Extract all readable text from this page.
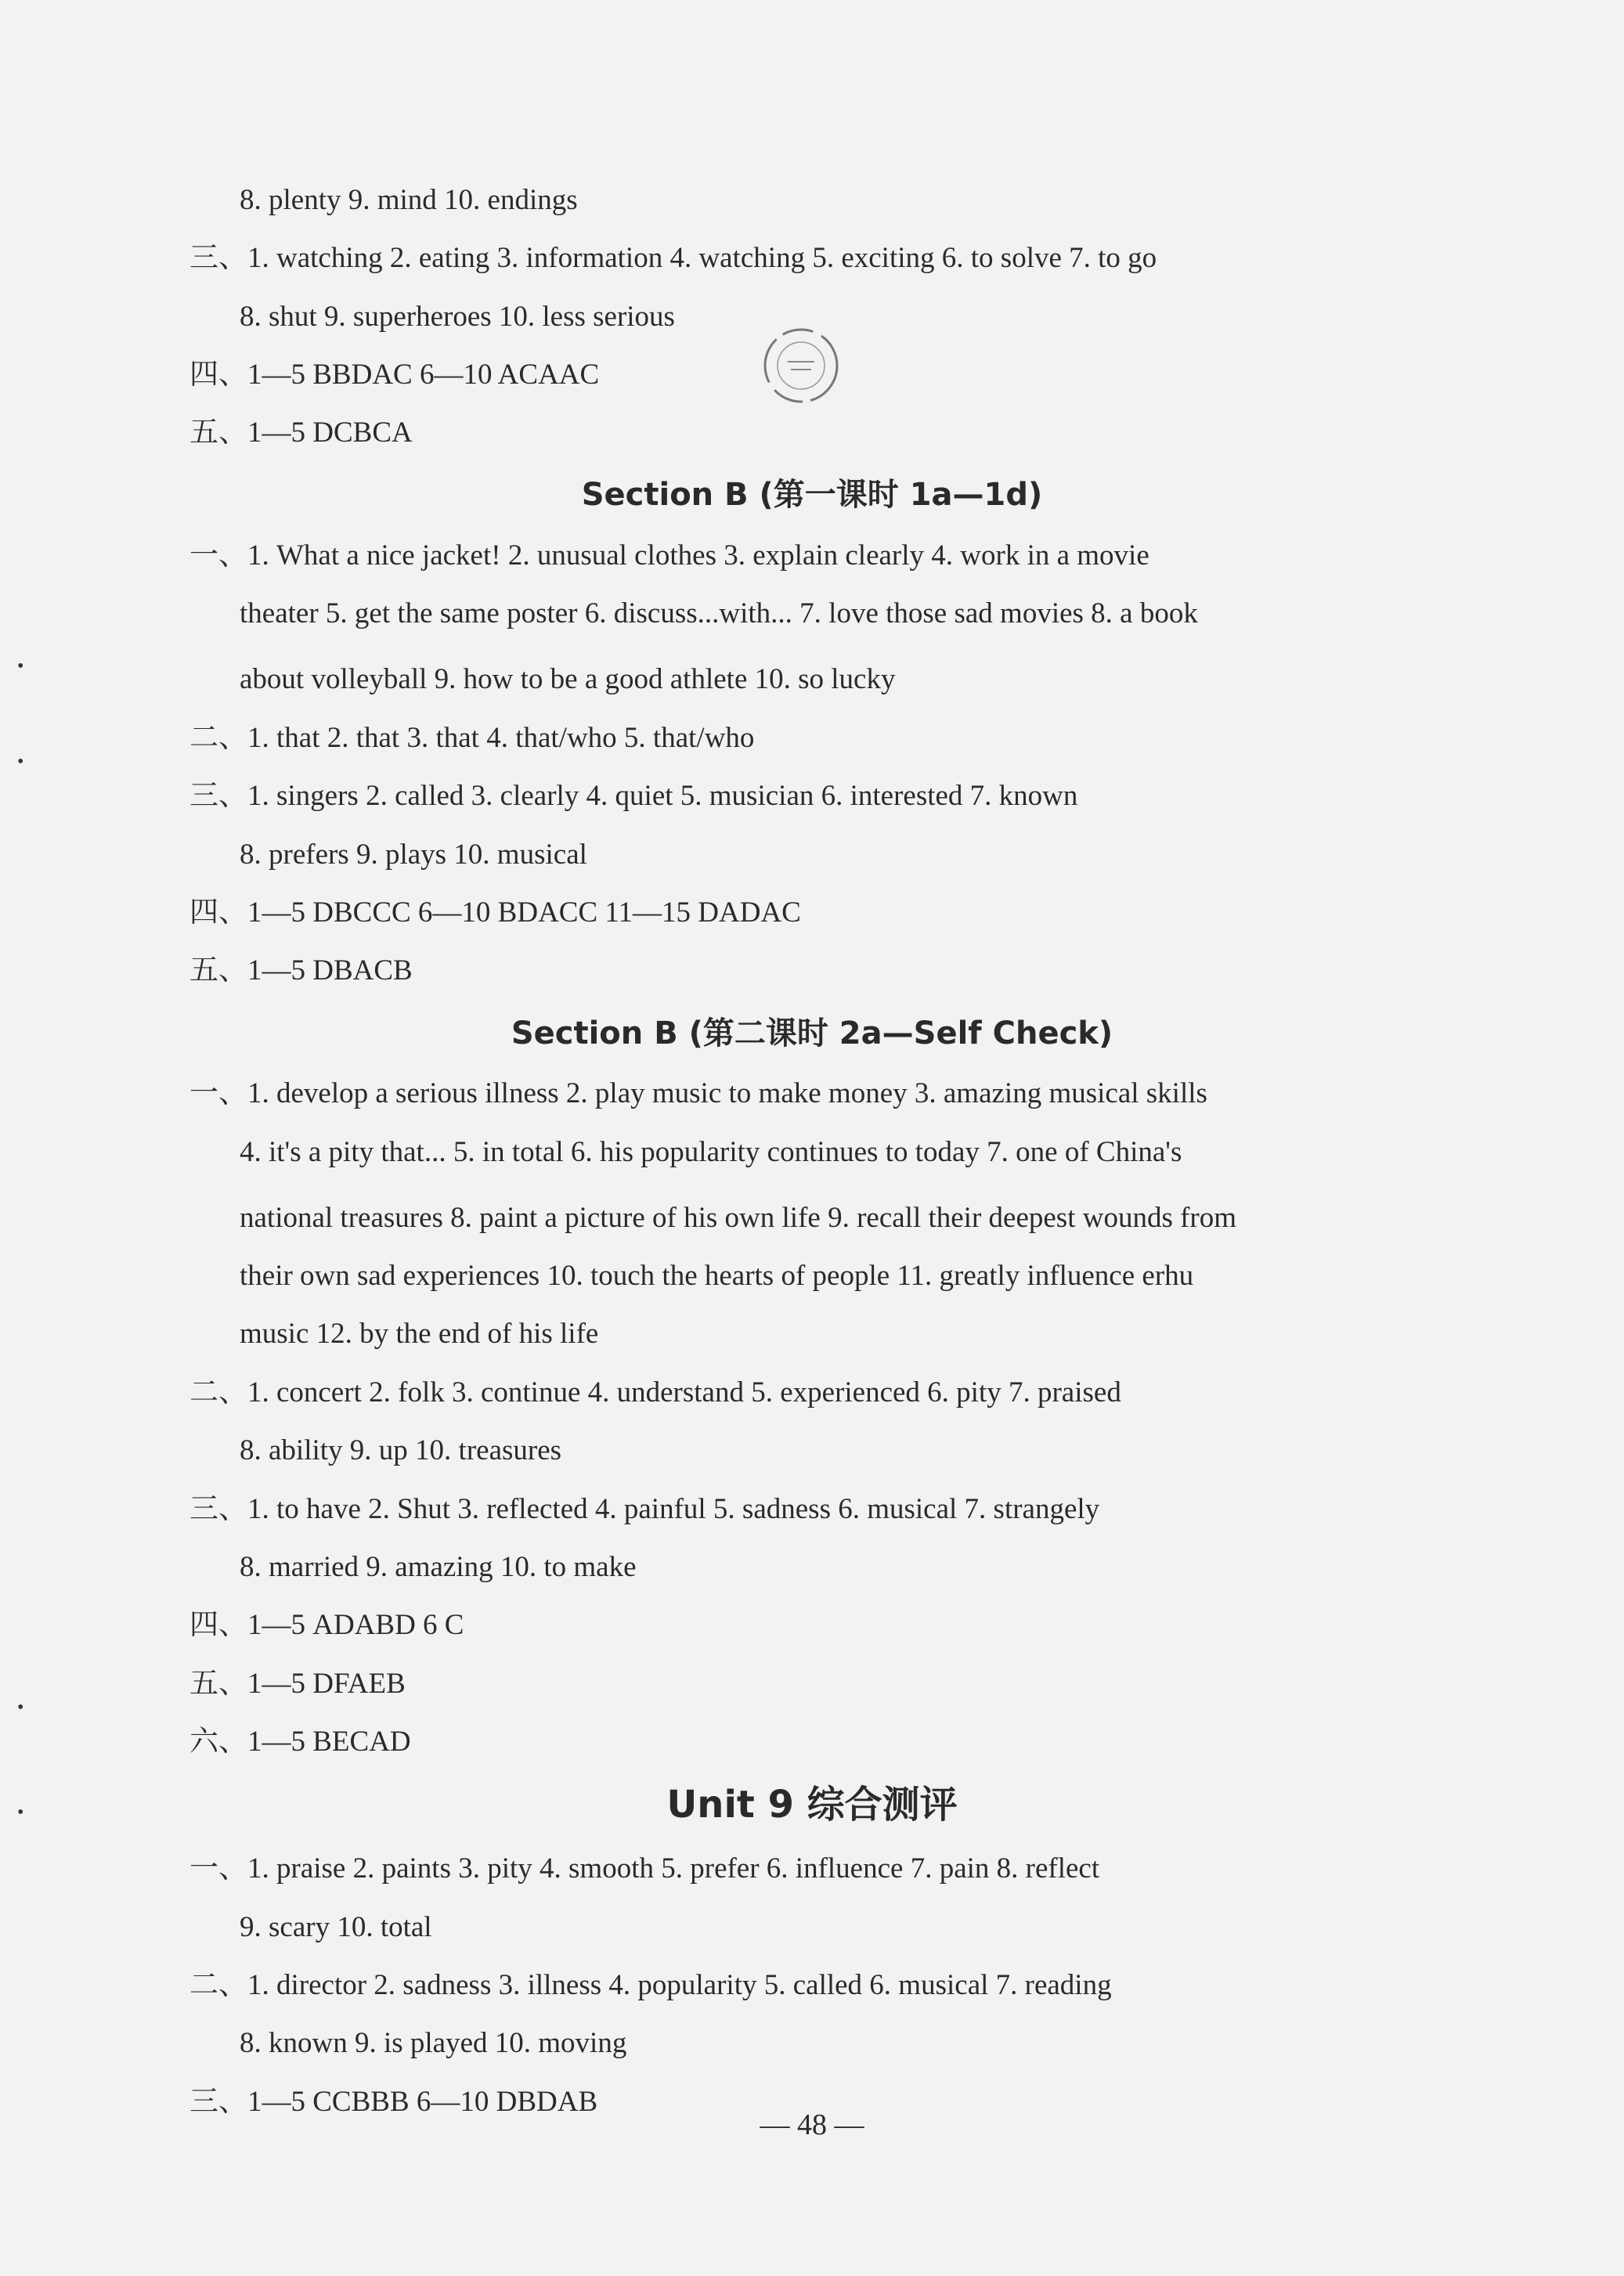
8. plenty 9. mind 10. endings
三、1. watching 2. eating 3. information 4. watching 5. exciting 6. to solve 7. to go
8. shut 9. superheroes 10. less serious
四、1—5 BBDAC 6—10 ACAAC
五、1—5 DCBCA
Section B (第一课时 1a—1d)
一、1. What a nice jacket! 2. unusual clothes 3. explain clearly 4. work in a movie
theater 5. get the same poster 6. discuss...with... 7. love those sad movies 8. a book
about volleyball 9. how to be a good athlete 10. so lucky
二、1. that 2. that 3. that 4. that/who 5. that/who
三、1. singers 2. called 3. clearly 4. quiet 5. musician 6. interested 7. known
8. prefers 9. plays 10. musical
四、1—5 DBCCC 6—10 BDACC 11—15 DADAC
五、1—5 DBACB
Section B (第二课时 2a—Self Check)
一、1. develop a serious illness 2. play music to make money 3. amazing musical skills
4. it's a pity that... 5. in total 6. his popularity continues to today 7. one of China's
national treasures 8. paint a picture of his own life 9. recall their deepest wounds from
their own sad experiences 10. touch the hearts of people 11. greatly influence erhu
music 12. by the end of his life
二、1. concert 2. folk 3. continue 4. understand 5. experienced 6. pity 7. praised
8. ability 9. up 10. treasures
三、1. to have 2. Shut 3. reflected 4. painful 5. sadness 6. musical 7. strangely
8. married 9. amazing 10. to make
四、1—5 ADABD 6 C
五、1—5 DFAEB
六、1—5 BECAD
Unit 9 综合测评
一、1. praise 2. paints 3. pity 4. smooth 5. prefer 6. influence 7. pain 8. reflect
9. scary 10. total
二、1. director 2. sadness 3. illness 4. popularity 5. called 6. musical 7. reading
8. known 9. is played 10. moving
三、1—5 CCBBB 6—10 DBDAB
— 48 —
•
•
•
•
